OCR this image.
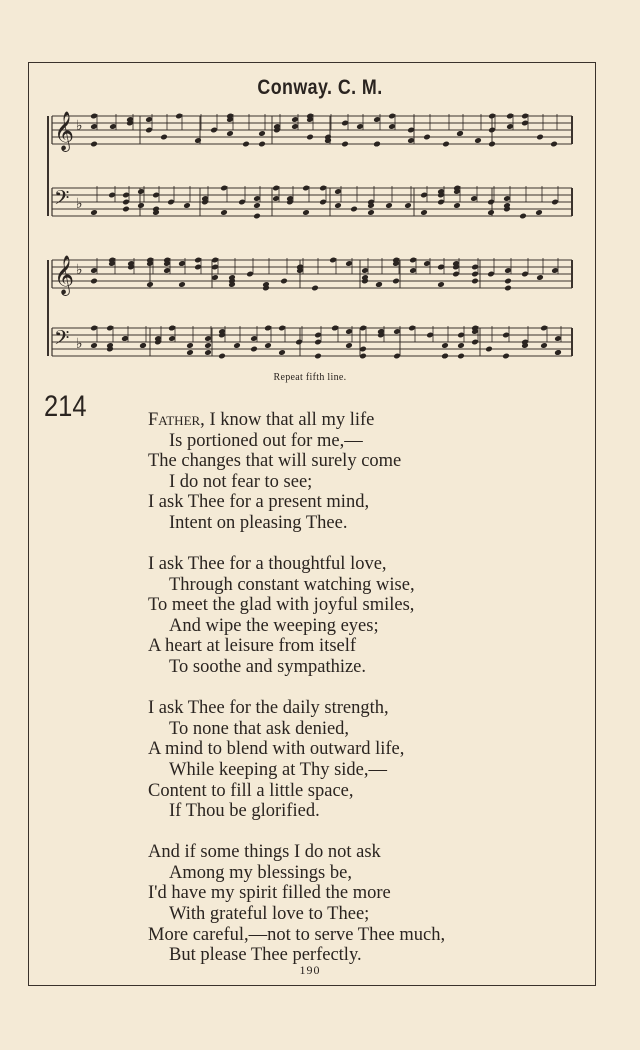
Conway. C. M.
𝄞 ♭
𝄢 ♭
𝄞 ♭
𝄢 ♭
Repeat fifth line.
214	Father, I know that all my life
Is portioned out for me,—
The changes that will surely come
I do not fear to see;
I ask Thee for a present mind,
Intent on pleasing Thee.
I ask Thee for a thoughtful love,
Through constant watching wise,
To meet the glad with joyful smiles,
And wipe the weeping eyes;
A heart at leisure from itself
To soothe and sympathize.
I ask Thee for the daily strength,
To none that ask denied,
A mind to blend with outward life,
While keeping at Thy side,—
Content to fill a little space,
If Thou be glorified.
And if some things I do not ask
Among my blessings be,
I'd have my spirit filled the more
With grateful love to Thee;
More careful,—not to serve Thee much,
But please Thee perfectly.
190
